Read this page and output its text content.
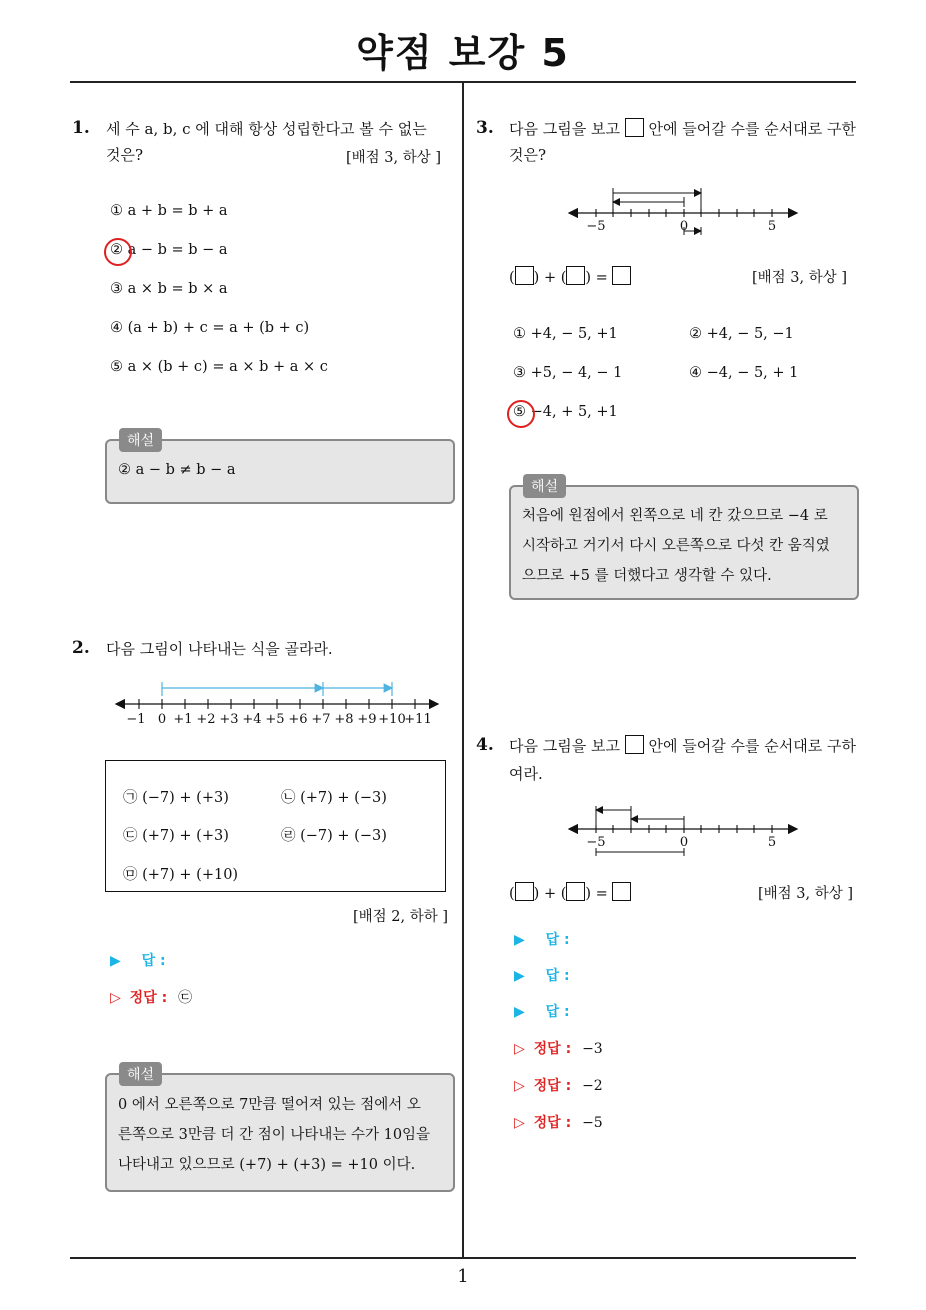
약점 보강 5
1. 세 수 a, b, c 에 대해 항상 성립한다고 볼 수 없는
것은?	[배점 3, 하상 ]
① a + b = b + a
② a − b = b − a
③ a × b = b × a
④ (a + b) + c = a + (b + c)
⑤ a × (b + c) = a × b + a × c
해설
② a − b ≠ b − a
2. 다음 그림이 나타내는 식을 골라라.
−1 0 +1 +2 +3 +4 +5 +6 +7 +8 +9 +10
+11
㉠ (−7) + (+3)	㉡ (+7) + (−3)
㉢ (+7) + (+3)	㉣ (−7) + (−3)
㉤ (+7) + (+10)
[배점 2, 하하 ]
▶ 답 :
▷ 정답 : ㉢
해설
0 에서 오른쪽으로 7만큼 떨어져 있는 점에서 오
른쪽으로 3만큼 더 간 점이 나타내는 수가 10임을
나타내고 있으므로 (+7) + (+3) = +10 이다.
3. 다음 그림을 보고 안에 들어갈 수를 순서대로 구한
것은?
−5	0	5
( ) + ( ) =	[배점 3, 하상 ]
① +4, − 5, +1	② +4, − 5, −1
③ +5, − 4, − 1	④ −4, − 5, + 1
⑤ −4, + 5, +1
해설
처음에 원점에서 왼쪽으로 네 칸 갔으므로 −4 로
시작하고 거기서 다시 오른쪽으로 다섯 칸 움직였
으므로 +5 를 더했다고 생각할 수 있다.
4. 다음 그림을 보고 안에 들어갈 수를 순서대로 구하
여라.
−5	0	5
( ) + ( ) =	[배점 3, 하상 ]
▶ 답 :
▶ 답 :
▶ 답 :
▷ 정답 : −3
▷ 정답 : −2
▷ 정답 : −5
1
